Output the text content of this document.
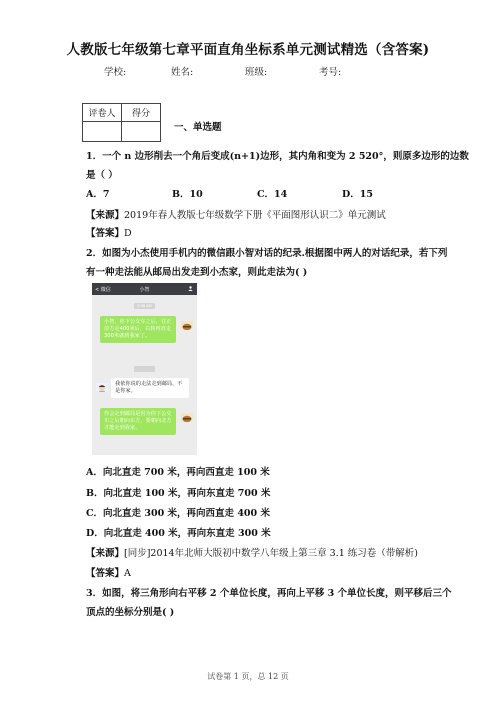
人教版七年级第七章平面直角坐标系单元测试精选（含答案)
学校:	姓名:	班级:	考号:
评卷人	得分

一、单选题
1．一个 n 边形削去一个角后变成(n+1)边形，其内角和变为 2 520°，则原多边形的边数
是（ ）
A．7	B．10	C．14	D．15
【来源】2019年春人教版七年级数学下册《平面图形认识二》单元测试
【答案】D
2．如图为小杰使用手机内的微信跟小智对话的纪录.根据图中两人的对话纪录，若下列
有一种走法能从邮局出发走到小杰家，则此走法为( )
< 微信	小智
9:56 AM
小智，你下公交车之后，往正前方走400米后，右转再直走300米就到我家了。
我依你说的走法走到邮局，不是你家。
你会走到邮局是因为你下公交车之后朝向东方，要朝向北方才能走到我家。
A．向北直走 700 米，再向西直走 100 米
B．向北直走 100 米，再向东直走 700 米
C．向北直走 300 米，再向西直走 400 米
D．向北直走 400 米，再向东直走 300 米
【来源】[同步]2014年北师大版初中数学八年级上第三章 3.1 练习卷（带解析)
【答案】A
3．如图，将三角形向右平移 2 个单位长度，再向上平移 3 个单位长度，则平移后三个
顶点的坐标分别是( )
试卷第 1 页，总 12 页
